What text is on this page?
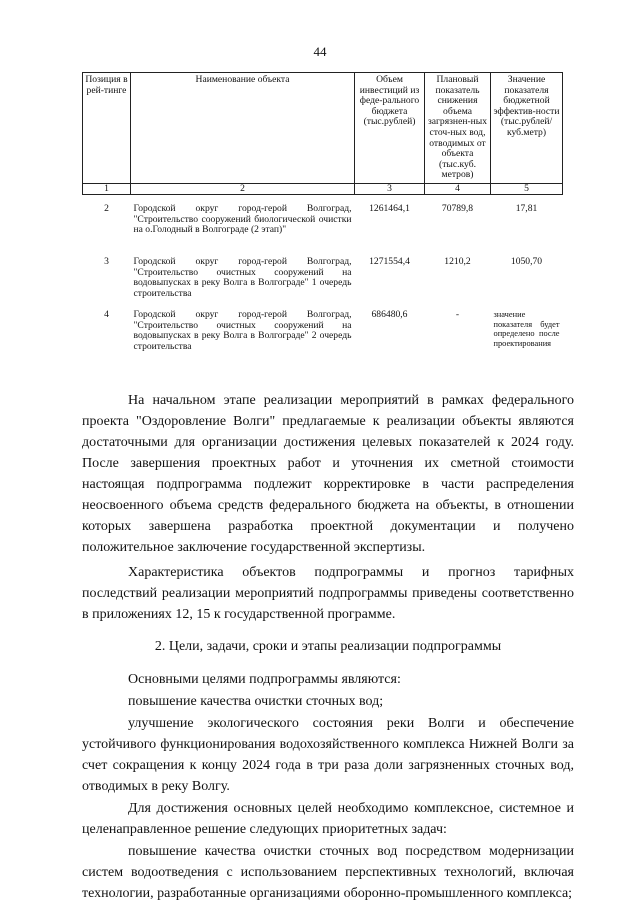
44
Позиция в рей-тинге	Наименование объекта	Объем инвестиций из феде-рального бюджета (тыс.рублей)	Плановый показатель снижения объема загрязнен-ных сточ-ных вод, отводимых от объекта (тыс.куб. метров)	Значение показателя бюджетной эффектив-ности (тыс.рублей/ куб.метр)
1	2	3	4	5
2	Городской округ город-герой Волгоград, "Строительство сооружений биологической очистки на о.Голодный в Волгограде (2 этап)"	1261464,1	70789,8	17,81
3	Городской округ город-герой Волгоград, "Строительство очистных сооружений на водовыпусках в реку Волга в Волгограде" 1 очередь строительства	1271554,4	1210,2	1050,70
4	Городской округ город-герой Волгоград, "Строительство очистных сооружений на водовыпусках в реку Волга в Волгограде" 2 очередь строительства	686480,6	-	значение показателя будет определено после проектирования

На начальном этапе реализации мероприятий в рамках федерального проекта "Оздоровление Волги" предлагаемые к реализации объекты являются достаточными для организации достижения целевых показателей к 2024 году. После завершения проектных работ и уточнения их сметной стоимости настоящая подпрограмма подлежит корректировке в части распределения неосвоенного объема средств федерального бюджета на объекты, в отношении которых завершена разработка проектной документации и получено положительное заключение государственной экспертизы.

Характеристика объектов подпрограммы и прогноз тарифных последствий реализации мероприятий подпрограммы приведены соответственно в приложениях 12, 15 к государственной программе.

2. Цели, задачи, сроки и этапы реализации подпрограммы

Основными целями подпрограммы являются:

повышение качества очистки сточных вод;

улучшение экологического состояния реки Волги и обеспечение устойчивого функционирования водохозяйственного комплекса Нижней Волги за счет сокращения к концу 2024 года в три раза доли загрязненных сточных вод, отводимых в реку Волгу.

Для достижения основных целей необходимо комплексное, системное и целенаправленное решение следующих приоритетных задач:

повышение качества очистки сточных вод посредством модернизации систем водоотведения с использованием перспективных технологий, включая технологии, разработанные организациями оборонно-промышленного комплекса;
